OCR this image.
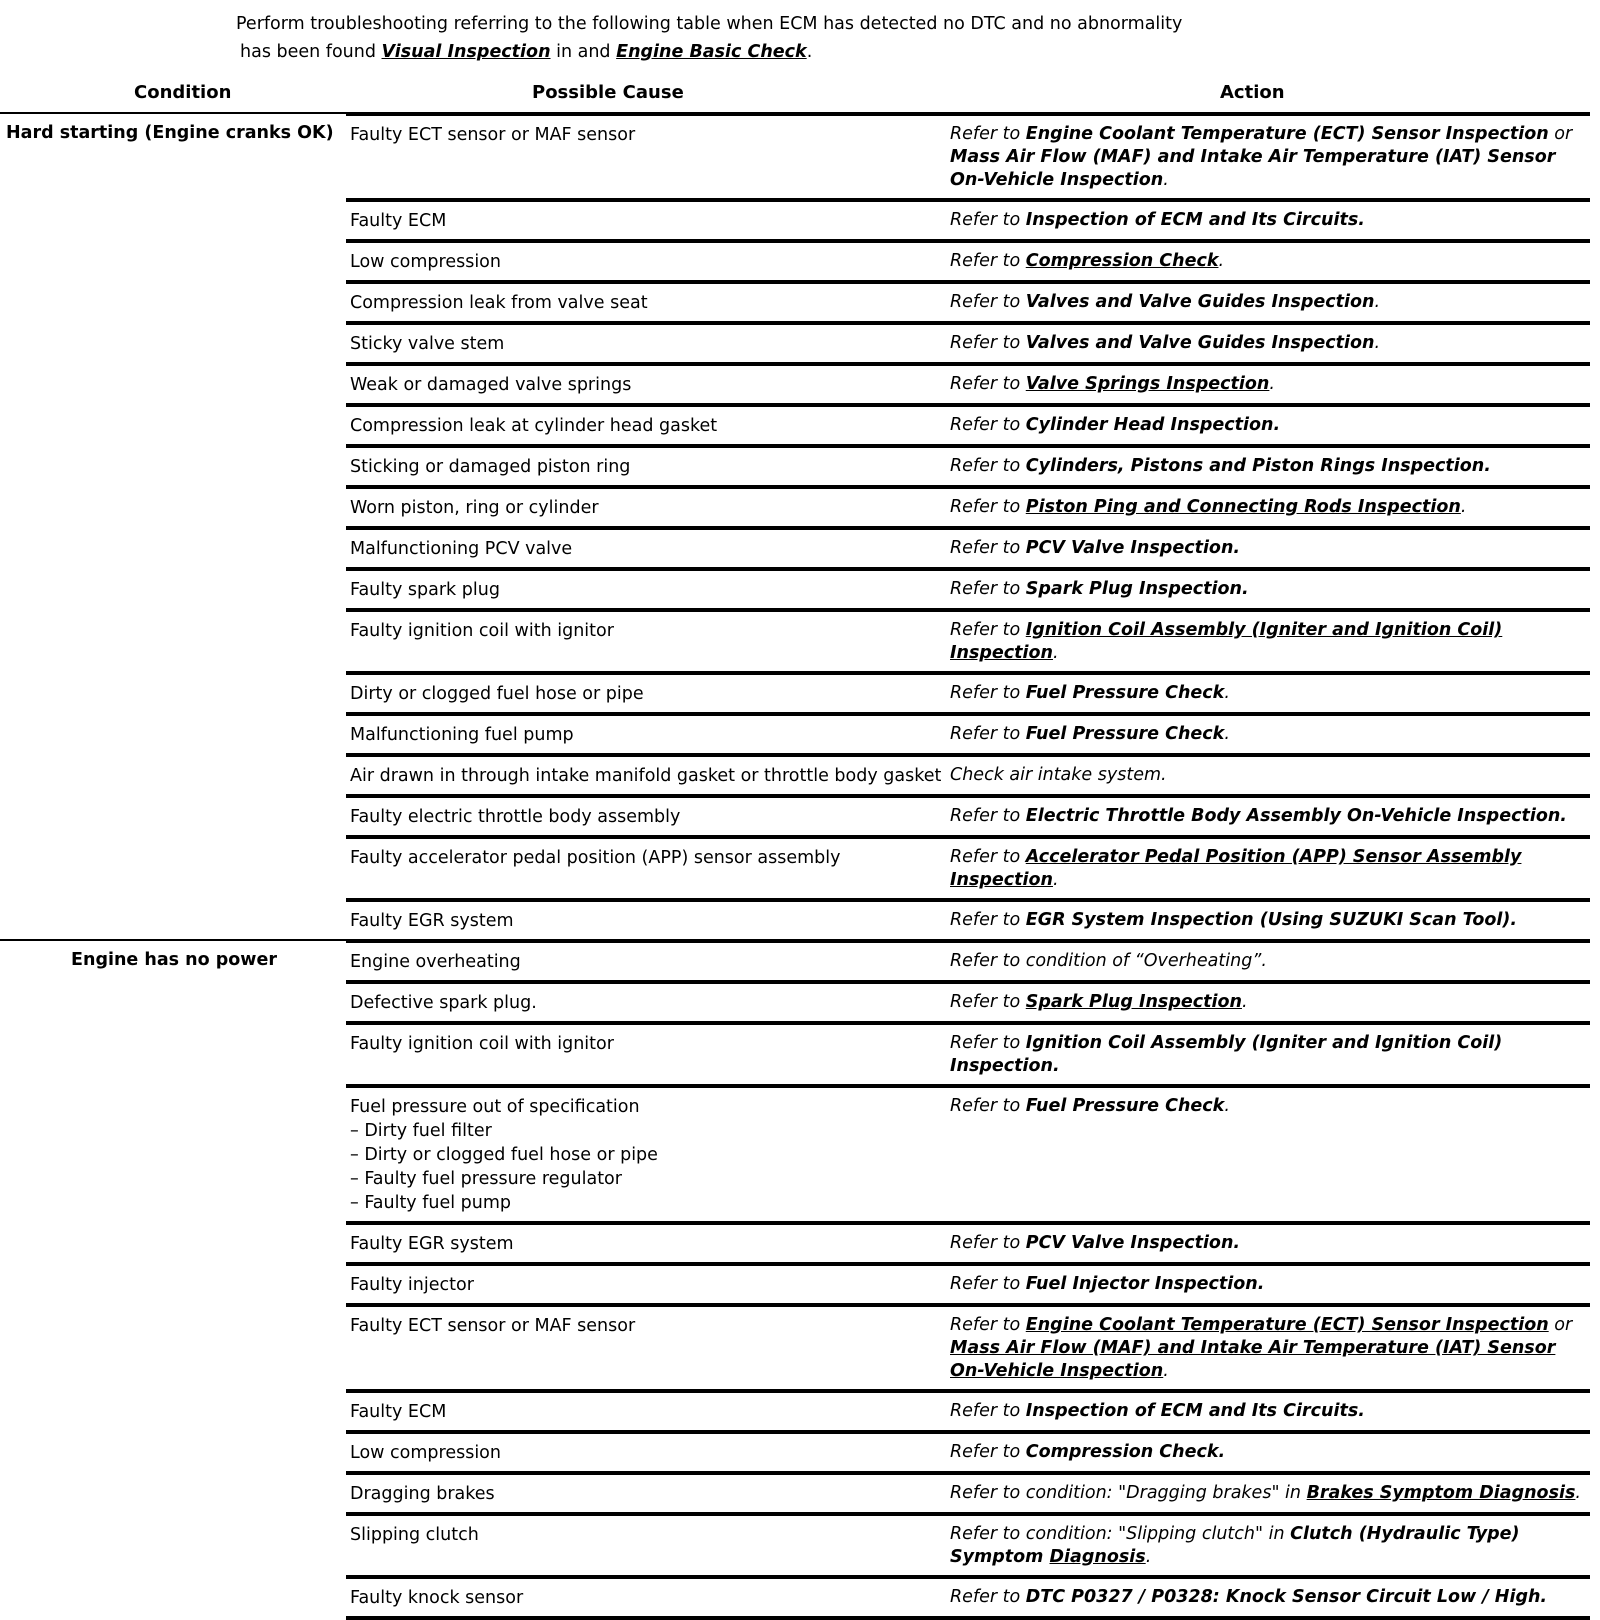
Perform troubleshooting referring to the following table when ECM has detected no DTC and no abnormality
has been found Visual Inspection in and Engine Basic Check.
Condition	Possible Cause	Action
Hard starting (Engine cranks OK)	Faulty ECT sensor or MAF sensor	Refer to Engine Coolant Temperature (ECT) Sensor Inspection or Mass Air Flow (MAF) and Intake Air Temperature (IAT) Sensor On-Vehicle Inspection.

	Faulty ECM	Refer to Inspection of ECM and Its Circuits.

	Low compression	Refer to Compression Check.

	Compression leak from valve seat	Refer to Valves and Valve Guides Inspection.

	Sticky valve stem	Refer to Valves and Valve Guides Inspection.

	Weak or damaged valve springs	Refer to Valve Springs Inspection.

	Compression leak at cylinder head gasket	Refer to Cylinder Head Inspection.

	Sticking or damaged piston ring	Refer to Cylinders, Pistons and Piston Rings Inspection.

	Worn piston, ring or cylinder	Refer to Piston Ping and Connecting Rods Inspection.

	Malfunctioning PCV valve	Refer to PCV Valve Inspection.

	Faulty spark plug	Refer to Spark Plug Inspection.

	Faulty ignition coil with ignitor	Refer to Ignition Coil Assembly (Igniter and Ignition Coil) Inspection.

	Dirty or clogged fuel hose or pipe	Refer to Fuel Pressure Check.

	Malfunctioning fuel pump	Refer to Fuel Pressure Check.

	Air drawn in through intake manifold gasket or throttle body gasket	Check air intake system.

	Faulty electric throttle body assembly	Refer to Electric Throttle Body Assembly On-Vehicle Inspection.

	Faulty accelerator pedal position (APP) sensor assembly	Refer to Accelerator Pedal Position (APP) Sensor Assembly Inspection.

	Faulty EGR system	Refer to EGR System Inspection (Using SUZUKI Scan Tool).
Engine has no power	Engine overheating	Refer to condition of “Overheating”.

	Defective spark plug.	Refer to Spark Plug Inspection.

	Faulty ignition coil with ignitor	Refer to Ignition Coil Assembly (Igniter and Ignition Coil) Inspection.

	Fuel pressure out of specification
– Dirty fuel filter
– Dirty or clogged fuel hose or pipe
– Faulty fuel pressure regulator
– Faulty fuel pump	Refer to Fuel Pressure Check.

	Faulty EGR system	Refer to PCV Valve Inspection.

	Faulty injector	Refer to Fuel Injector Inspection.

	Faulty ECT sensor or MAF sensor	Refer to Engine Coolant Temperature (ECT) Sensor Inspection or Mass Air Flow (MAF) and Intake Air Temperature (IAT) Sensor On-Vehicle Inspection.

	Faulty ECM	Refer to Inspection of ECM and Its Circuits.

	Low compression	Refer to Compression Check.

	Dragging brakes	Refer to condition: "Dragging brakes" in Brakes Symptom Diagnosis.

	Slipping clutch	Refer to condition: "Slipping clutch" in Clutch (Hydraulic Type) Symptom Diagnosis.

	Faulty knock sensor	Refer to DTC P0327 / P0328: Knock Sensor Circuit Low / High.
